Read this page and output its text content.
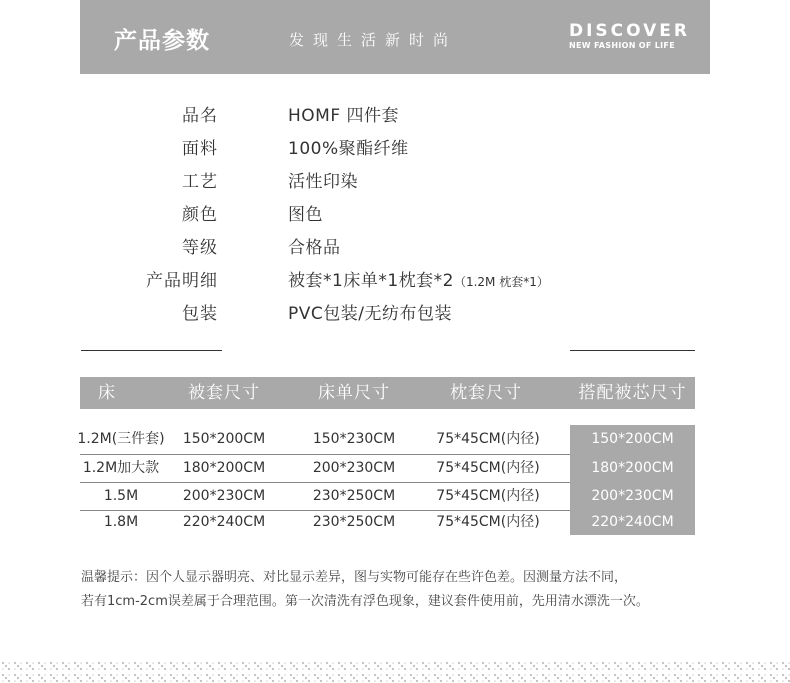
产品参数	发现生活新时尚	DISCOVER
NEW FASHION OF LIFE
品名	HOMF 四件套
面料	100%聚酯纤维
工艺	活性印染
颜色	图色
等级	合格品
产品明细	被套*1床单*1枕套*2（1.2M 枕套*1）
包装	PVC包装/无纺布包装
床	被套尺寸	床单尺寸	枕套尺寸	搭配被芯尺寸
1.2M(三件套)	150*200CM	150*230CM	75*45CM(内径)	150*200CM
1.2M加大款	180*200CM	200*230CM	75*45CM(内径)	180*200CM
1.5M	200*230CM	230*250CM	75*45CM(内径)	200*230CM
1.8M	220*240CM	230*250CM	75*45CM(内径)	220*240CM
温馨提示：因个人显示器明亮、对比显示差异，图与实物可能存在些许色差。因测量方法不同，
若有1cm-2cm误差属于合理范围。第一次清洗有浮色现象，建议套件使用前，先用清水漂洗一次。
